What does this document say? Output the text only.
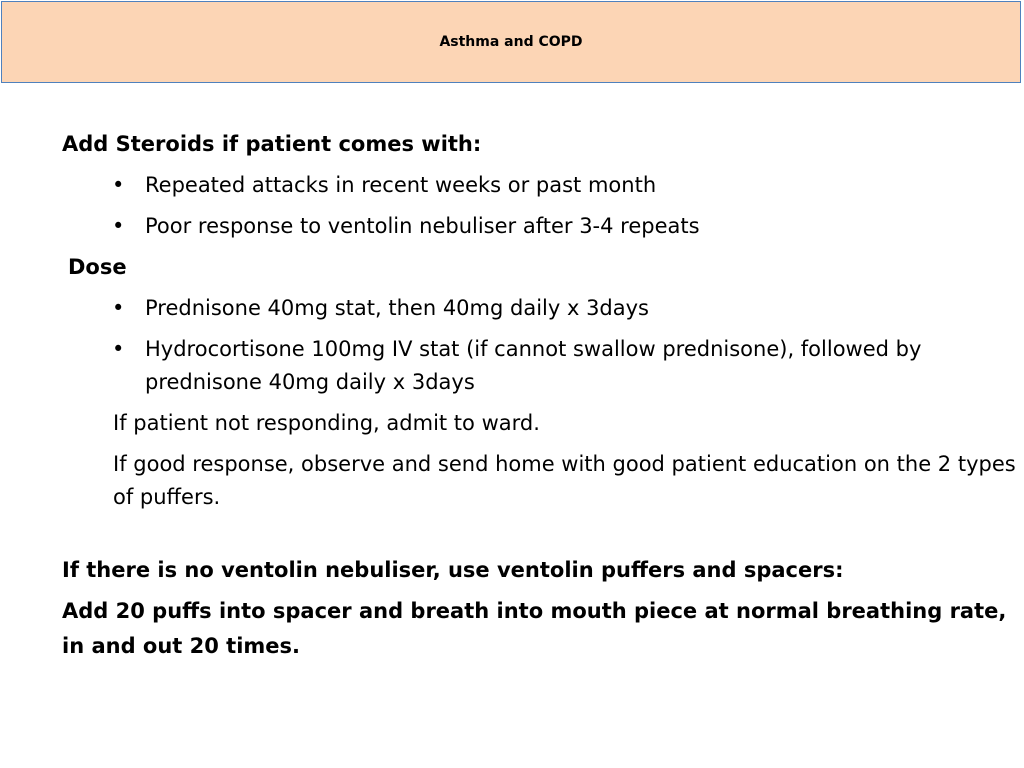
Asthma and COPD
Add Steroids if patient comes with:
• Repeated attacks in recent weeks or past month
• Poor response to ventolin nebuliser after 3-4 repeats
Dose
• Prednisone 40mg stat, then 40mg daily x 3days
• Hydrocortisone 100mg IV stat (if cannot swallow prednisone), followed by prednisone 40mg daily x 3days
If patient not responding, admit to ward.
If good response, observe and send home with good patient education on the 2 types of puffers.
If there is no ventolin nebuliser, use ventolin puffers and spacers:
Add 20 puffs into spacer and breath into mouth piece at normal breathing rate, in and out 20 times.
